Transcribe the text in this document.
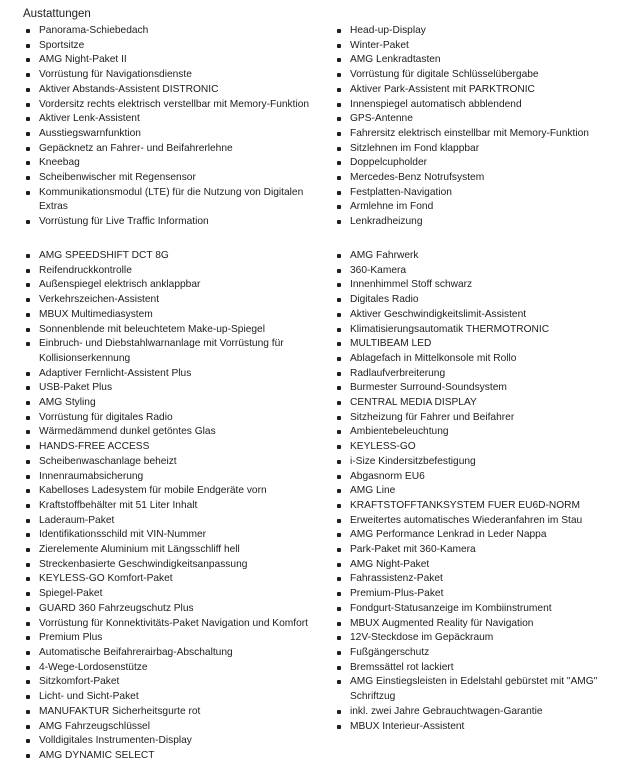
Austattungen
Panorama-Schiebedach
Sportsitze
AMG Night-Paket II
Vorrüstung für Navigationsdienste
Aktiver Abstands-Assistent DISTRONIC
Vordersitz rechts elektrisch verstellbar mit Memory-Funktion
Aktiver Lenk-Assistent
Ausstiegswarnfunktion
Gepäcknetz an Fahrer- und Beifahrerlehne
Kneebag
Scheibenwischer mit Regensensor
Kommunikationsmodul (LTE) für die Nutzung von Digitalen
Extras
Vorrüstung für Live Traffic Information
Head-up-Display
Winter-Paket
AMG Lenkradtasten
Vorrüstung für digitale Schlüsselübergabe
Aktiver Park-Assistent mit PARKTRONIC
Innenspiegel automatisch abblendend
GPS-Antenne
Fahrersitz elektrisch einstellbar mit Memory-Funktion
Sitzlehnen im Fond klappbar
Doppelcupholder
Mercedes-Benz Notrufsystem
Festplatten-Navigation
Armlehne im Fond
Lenkradheizung
AMG SPEEDSHIFT DCT 8G
Reifendruckkontrolle
Außenspiegel elektrisch anklappbar
Verkehrszeichen-Assistent
MBUX Multimediasystem
Sonnenblende mit beleuchtetem Make-up-Spiegel
Einbruch- und Diebstahlwarnanlage mit Vorrüstung für
Kollisionserkennung
Adaptiver Fernlicht-Assistent Plus
USB-Paket Plus
AMG Styling
Vorrüstung für digitales Radio
Wärmedämmend dunkel getöntes Glas
HANDS-FREE ACCESS
Scheibenwaschanlage beheizt
Innenraumabsicherung
Kabelloses Ladesystem für mobile Endgeräte vorn
Kraftstoffbehälter mit 51 Liter Inhalt
Laderaum-Paket
Identifikationsschild mit VIN-Nummer
Zierelemente Aluminium mit Längsschliff hell
Streckenbasierte Geschwindigkeitsanpassung
KEYLESS-GO Komfort-Paket
Spiegel-Paket
GUARD 360 Fahrzeugschutz Plus
Vorrüstung für Konnektivitäts-Paket Navigation und Komfort
Premium Plus
Automatische Beifahrerairbag-Abschaltung
4-Wege-Lordosenstütze
Sitzkomfort-Paket
Licht- und Sicht-Paket
MANUFAKTUR Sicherheitsgurte rot
AMG Fahrzeugschlüssel
Volldigitales Instrumenten-Display
AMG DYNAMIC SELECT
AMG Fahrwerk
360-Kamera
Innenhimmel Stoff schwarz
Digitales Radio
Aktiver Geschwindigkeitslimit-Assistent
Klimatisierungsautomatik THERMOTRONIC
MULTIBEAM LED
Ablagefach in Mittelkonsole mit Rollo
Radlaufverbreiterung
Burmester Surround-Soundsystem
CENTRAL MEDIA DISPLAY
Sitzheizung für Fahrer und Beifahrer
Ambientebeleuchtung
KEYLESS-GO
i-Size Kindersitzbefestigung
Abgasnorm EU6
AMG Line
KRAFTSTOFFTANKSYSTEM FUER EU6D-NORM
Erweitertes automatisches Wiederanfahren im Stau
AMG Performance Lenkrad in Leder Nappa
Park-Paket mit 360-Kamera
AMG Night-Paket
Fahrassistenz-Paket
Premium-Plus-Paket
Fondgurt-Statusanzeige im Kombiinstrument
MBUX Augmented Reality für Navigation
12V-Steckdose im Gepäckraum
Fußgängerschutz
Bremssättel rot lackiert
AMG Einstiegsleisten in Edelstahl gebürstet mit "AMG"
Schriftzug
inkl. zwei Jahre Gebrauchtwagen-Garantie
MBUX Interieur-Assistent
